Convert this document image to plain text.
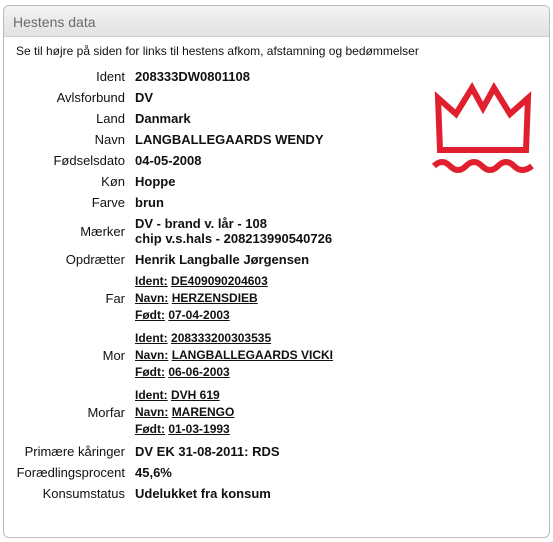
Hestens data
Se til højre på siden for links til hestens afkom, afstamning og bedømmelser
Ident 208333DW0801108
Avlsforbund DV
Land Danmark
Navn LANGBALLEGAARDS WENDY
Fødselsdato 04-05-2008
Køn Hoppe
Farve brun
Mærker DV - brand v. lår - 108
chip v.s.hals - 208213990540726
Opdrætter Henrik Langballe Jørgensen
Far
Ident: DE409090204603
Navn: HERZENSDIEB
Født: 07-04-2003
Mor
Ident: 208333200303535
Navn: LANGBALLEGAARDS VICKI
Født: 06-06-2003
Morfar
Ident: DVH 619
Navn: MARENGO
Født: 01-03-1993
Primære kåringer DV EK 31-08-2011: RDS
Forædlingsprocent 45,6%
Konsumstatus Udelukket fra konsum
